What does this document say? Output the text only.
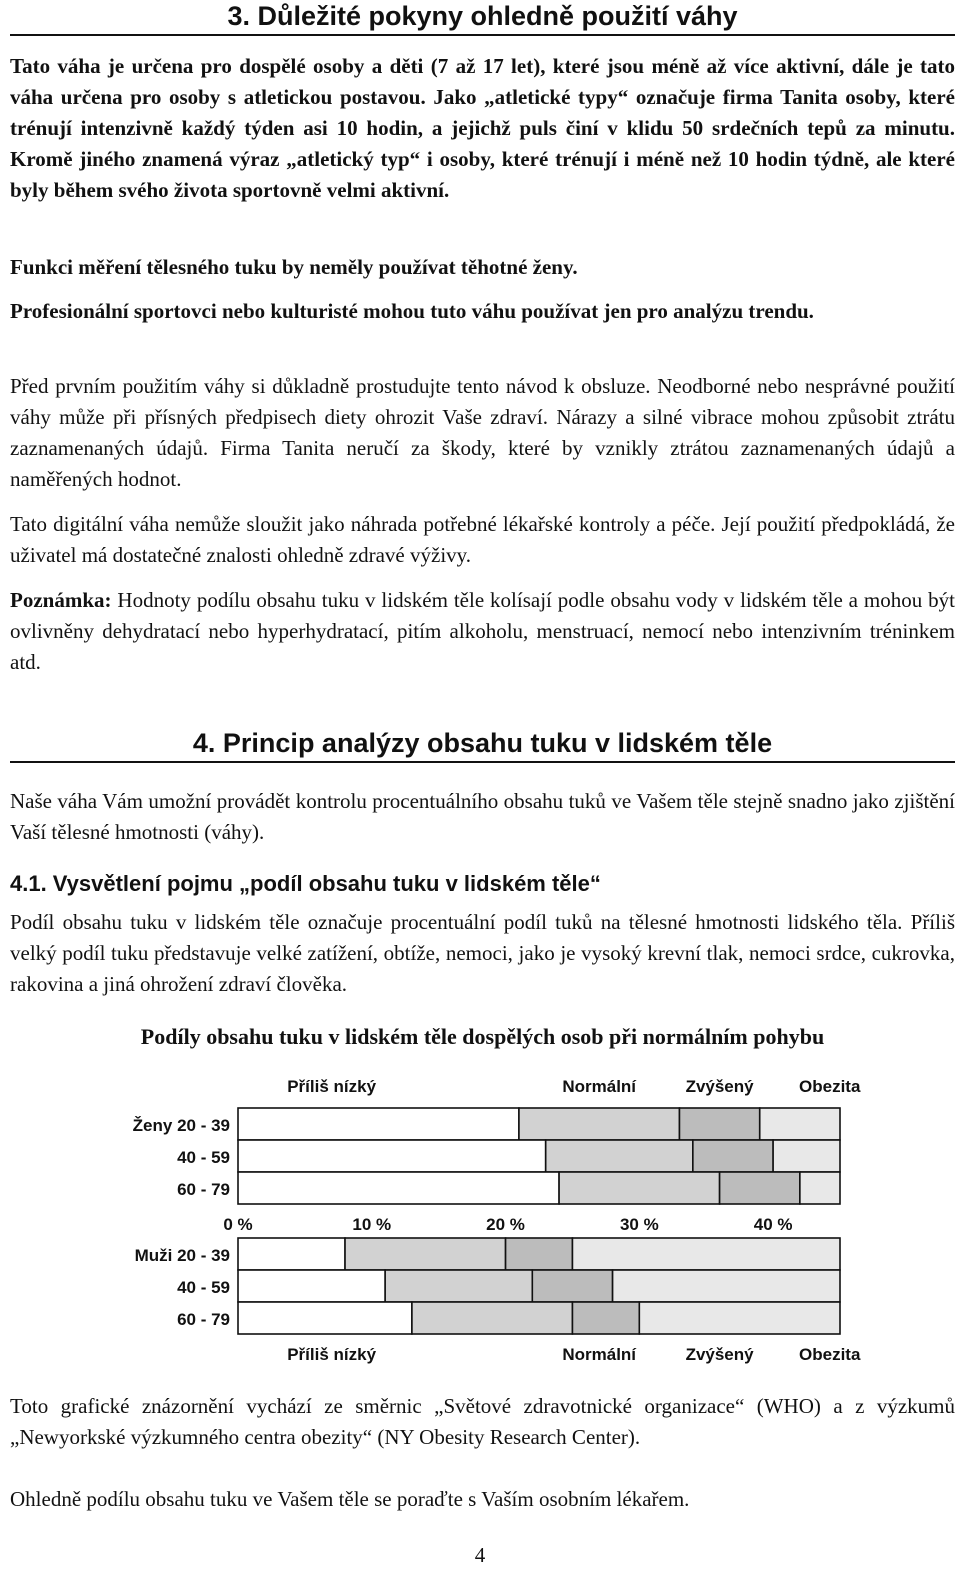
3. Důležité pokyny ohledně použití váhy

Tato váha je určena pro dospělé osoby a děti (7 až 17 let), které jsou méně až více aktivní, dále je tato váha určena pro osoby s atletickou postavou. Jako „atletické typy“ označuje firma Tanita osoby, které trénují intenzivně každý týden asi 10 hodin, a jejichž puls činí v klidu 50 srdečních tepů za minutu. Kromě jiného znamená výraz „atletický typ“ i osoby, které trénují i méně než 10 hodin týdně, ale které byly během svého života sportovně velmi aktivní.

Funkci měření tělesného tuku by neměly používat těhotné ženy.

Profesionální sportovci nebo kulturisté mohou tuto váhu používat jen pro analýzu trendu.

Před prvním použitím váhy si důkladně prostudujte tento návod k obsluze. Neodborné nebo nesprávné použití váhy může při přísných předpisech diety ohrozit Vaše zdraví. Nárazy a silné vibrace mohou způsobit ztrátu zaznamenaných údajů. Firma Tanita neručí za škody, které by vznikly ztrátou zaznamenaných údajů a naměřených hodnot.

Tato digitální váha nemůže sloužit jako náhrada potřebné lékařské kontroly a péče. Její použití předpokládá, že uživatel má dostatečné znalosti ohledně zdravé výživy.

Poznámka: Hodnoty podílu obsahu tuku v lidském těle kolísají podle obsahu vody v lidském těle a mohou být ovlivněny dehydratací nebo hyperhydratací, pitím alkoholu, menstruací, nemocí nebo intenzivním tréninkem atd.

4. Princip analýzy obsahu tuku v lidském těle

Naše váha Vám umožní provádět kontrolu procentuálního obsahu tuků ve Vašem těle stejně snadno jako zjištění Vaší tělesné hmotnosti (váhy).

4.1. Vysvětlení pojmu „podíl obsahu tuku v lidském těle“

Podíl obsahu tuku v lidském těle označuje procentuální podíl tuků na tělesné hmotnosti lidského těla. Příliš velký podíl tuku představuje velké zatížení, obtíže, nemoci, jako je vysoký krevní tlak, nemoci srdce, cukrovka, rakovina a jiná ohrožení zdraví člověka.

Podíly obsahu tuku v lidském těle dospělých osob při normálním pohybu
Příliš nízký	Normální	Zvýšený	Obezita
Ženy 20 - 39
40 - 59
60 - 79
Muži 20 - 39
40 - 59
60 - 79
0 %	10 %	20 %	30 %	40 %
Příliš nízký	Normální	Zvýšený	Obezita

Toto grafické znázornění vychází ze směrnic „Světové zdravotnické organizace“ (WHO) a z výzkumů „Newyorkské výzkumného centra obezity“ (NY Obesity Research Center).

Ohledně podílu obsahu tuku ve Vašem těle se poraďte s Vaším osobním lékařem.

4
